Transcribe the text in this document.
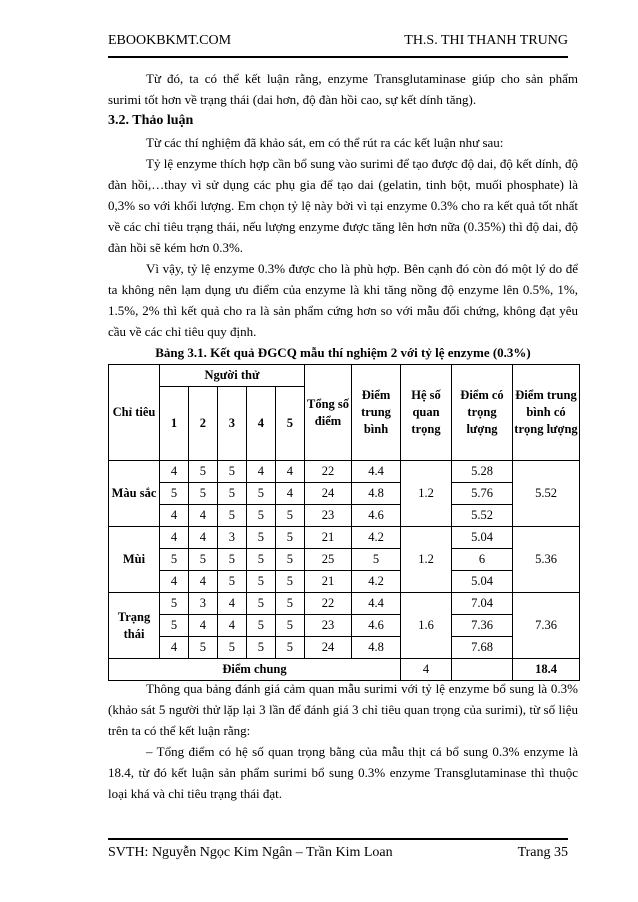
EBOOKBKMT.COM	TH.S. THI THANH TRUNG

Từ đó, ta có thể kết luận rằng, enzyme Transglutaminase giúp cho sản phẩm surimi tốt hơn về trạng thái (dai hơn, độ đàn hồi cao, sự kết dính tăng).

3.2. Thảo luận

Từ các thí nghiệm đã khảo sát, em có thể rút ra các kết luận như sau:

Tỷ lệ enzyme thích hợp cần bổ sung vào surimi để tạo được độ dai, độ kết dính, độ đàn hồi,…thay vì sử dụng các phụ gia để tạo dai (gelatin, tinh bột, muối phosphate) là 0,3% so với khối lượng. Em chọn tỷ lệ này bởi vì tại enzyme 0.3% cho ra kết quả tốt nhất về các chỉ tiêu trạng thái, nếu lượng enzyme được tăng lên hơn nữa (0.35%) thì độ dai, độ đàn hồi sẽ kém hơn 0.3%.

Vì vậy, tỷ lệ enzyme 0.3% được cho là phù hợp. Bên cạnh đó còn đó một lý do để ta không nên lạm dụng ưu điểm của enzyme là khi tăng nồng độ enzyme lên 0.5%, 1%, 1.5%, 2% thì kết quả cho ra là sản phẩm cứng hơn so với mẫu đối chứng, không đạt yêu cầu về các chỉ tiêu quy định.

Bảng 3.1. Kết quả ĐGCQ mẫu thí nghiệm 2 với tỷ lệ enzyme (0.3%)

Chỉ tiêu	Người thử					Tổng số điểm	Điểm trung bình	Hệ số quan trọng	Điểm có trọng lượng	Điểm trung bình có trọng lượng
	1	2	3	4	5					
Màu sắc	4	5	5	4	4	22	4.4	1.2	5.28	5.52
	5	5	5	5	4	24	4.8		5.76	
	4	4	5	5	5	23	4.6		5.52	
Mùi	4	4	3	5	5	21	4.2	1.2	5.04	5.36
	5	5	5	5	5	25	5		6	
	4	4	5	5	5	21	4.2		5.04	
Trạng thái	5	3	4	5	5	22	4.4	1.6	7.04	7.36
	5	4	4	5	5	23	4.6		7.36	
	4	5	5	5	5	24	4.8		7.68	
Điểm chung								4		18.4

Thông qua bảng đánh giá cảm quan mẫu surimi với tỷ lệ enzyme bổ sung là 0.3% (khảo sát 5 người thử lặp lại 3 lần để đánh giá 3 chỉ tiêu quan trọng của surimi), từ số liệu trên ta có thể kết luận rằng:

– Tổng điểm có hệ số quan trọng bằng của mẫu thịt cá bổ sung 0.3% enzyme là 18.4, từ đó kết luận sản phẩm surimi bổ sung 0.3% enzyme Transglutaminase thì thuộc loại khá và chỉ tiêu trạng thái đạt.

SVTH: Nguyễn Ngọc Kim Ngân – Trần Kim Loan	Trang 35
